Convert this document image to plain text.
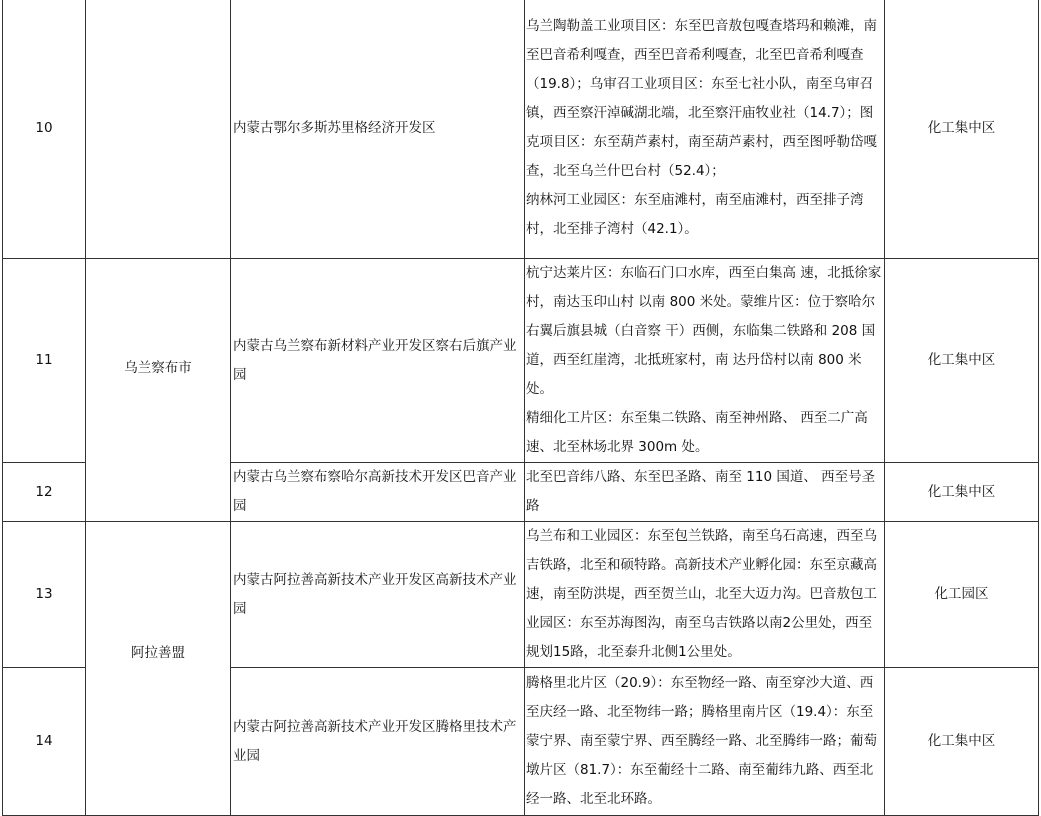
10		内蒙古鄂尔多斯苏里格经济开发区	乌兰陶勒盖工业项目区：东至巴音敖包嘎查塔玛和赖滩，南至巴音希利嘎查，西至巴音希利嘎查，北至巴音希利嘎查（19.8）；乌审召工业项目区：东至七社小队，南至乌审召镇，西至察汗淖碱湖北端，北至察汗庙牧业社（14.7）；图克项目区：东至葫芦素村，南至葫芦素村，西至图呼勒岱嘎查，北至乌兰什巴台村（52.4）；

纳林河工业园区：东至庙滩村，南至庙滩村，西至排子湾村，北至排子湾村（42.1）。	化工集中区
11	乌兰察布市	内蒙古乌兰察布新材料产业开发区察右后旗产业园	杭宁达莱片区：东临石门口水库，西至白集高 速，北抵徐家村，南达玉印山村 以南 800 米处。蒙维片区：位于察哈尔右翼后旗县城（白音察 干）西侧，东临集二铁路和 208 国 道，西至红崖湾，北抵班家村，南 达丹岱村以南 800 米处。

精细化工片区：东至集二铁路、南至神州路、 西至二广高速、北至林场北界 300m 处。	化工集中区
12		内蒙古乌兰察布察哈尔高新技术开发区巴音产业园	北至巴音纬八路、东至巴圣路、南至 110 国道、 西至号圣路	化工集中区
13	阿拉善盟	内蒙古阿拉善高新技术产业开发区高新技术产业园	乌兰布和工业园区：东至包兰铁路，南至乌石高速，西至乌吉铁路，北至和硕特路。高新技术产业孵化园：东至京藏高速，南至防洪堤，西至贺兰山，北至大迈力沟。巴音敖包工业园区：东至苏海图沟，南至乌吉铁路以南2公里处，西至规划15路，北至泰升北侧1公里处。	化工园区
14		内蒙古阿拉善高新技术产业开发区腾格里技术产业园	腾格里北片区（20.9）：东至物经一路、南至穿沙大道、西至庆经一路、北至物纬一路；腾格里南片区（19.4）：东至蒙宁界、南至蒙宁界、西至腾经一路、北至腾纬一路；葡萄墩片区（81.7）：东至葡经十二路、南至葡纬九路、西至北经一路、北至北环路。	化工集中区
